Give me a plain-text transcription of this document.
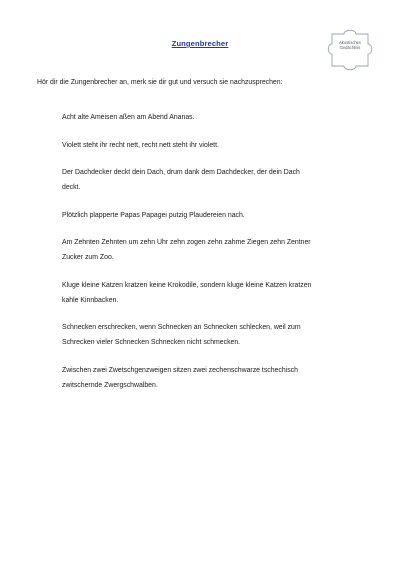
Zungenbrecher	Akustisches
Gedächtnis
Hör dir die Zungenbrecher an, merk sie dir gut und versuch sie nachzusprechen:
Acht alte Ameisen aßen am Abend Ananas.
Violett steht ihr recht nett, recht nett steht ihr violett.
Der Dachdecker deckt dein Dach, drum dank dem Dachdecker, der dein Dach
deckt.
Plötzlich plapperte Papas Papagei putzig Plaudereien nach.
Am Zehnten Zehnten um zehn Uhr zehn zogen zehn zahme Ziegen zehn Zentner
Zucker zum Zoo.
Kluge kleine Katzen kratzen keine Krokodile, sondern kluge kleine Katzen kratzen
kahle Kinnbacken.
Schnecken erschrecken, wenn Schnecken an Schnecken schlecken, weil zum
Schrecken vieler Schnecken Schnecken nicht schmecken.
Zwischen zwei Zwetschgenzweigen sitzen zwei zechenschwarze tschechisch
zwitschernde Zwergschwalben.
